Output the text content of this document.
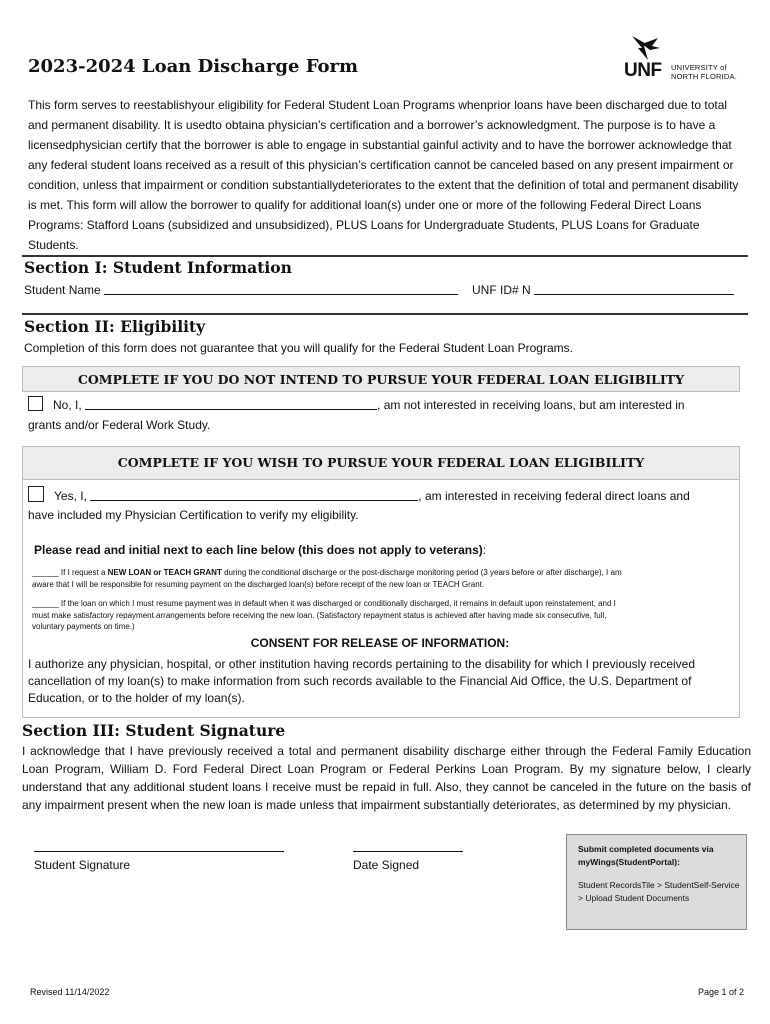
2023-2024 Loan Discharge Form	UNF UNIVERSITY of
NORTH FLORIDA.
This form serves to reestablishyour eligibility for Federal Student Loan Programs whenprior loans have been discharged due to total and permanent disability. It is usedto obtaina physician’s certification and a borrower’s acknowledgment. The purpose is to have a licensedphysician certify that the borrower is able to engage in substantial gainful activity and to have the borrower acknowledge that any federal student loans received as a result of this physician’s certification cannot be canceled based on any present impairment or condition, unless that impairment or condition substantiallydeteriorates to the extent that the definition of total and permanent disability is met. This form will allow the borrower to qualify for additional loan(s) under one or more of the following Federal Direct Loans Programs: Stafford Loans (subsidized and unsubsidized), PLUS Loans for Undergraduate Students, PLUS Loans for Graduate Students.
Section I: Student Information
Student Name	UNF ID# N
Section II: Eligibility
Completion of this form does not guarantee that you will qualify for the Federal Student Loan Programs.
COMPLETE IF YOU DO NOT INTEND TO PURSUE YOUR FEDERAL LOAN ELIGIBILITY
No, I,	, am not interested in receiving loans, but am interested in
grants and/or Federal Work Study.
COMPLETE IF YOU WISH TO PURSUE YOUR FEDERAL LOAN ELIGIBILITY
Yes, I,	, am interested in receiving federal direct loans and
have included my Physician Certification to verify my eligibility.
Please read and initial next to each line below (this does not apply to veterans):
______ If I request a NEW LOAN or TEACH GRANT during the conditional discharge or the post-discharge monitoring period (3 years before or after discharge), I am
aware that I will be responsible for resuming payment on the discharged loan(s) before receipt of the new loan or TEACH Grant.
______ If the loan on which I must resume payment was in default when it was discharged or conditionally discharged, it remains in default upon reinstatement, and I
must make satisfactory repayment arrangements before receiving the new loan. (Satisfactory repayment status is achieved after having made six consecutive, full,
voluntary payments on time.)
CONSENT FOR RELEASE OF INFORMATION:
I authorize any physician, hospital, or other institution having records pertaining to the disability for which I previously received cancellation of my loan(s) to make information from such records available to the Financial Aid Office, the U.S. Department of Education, or to the holder of my loan(s).
Section III: Student Signature
I acknowledge that I have previously received a total and permanent disability discharge either through the Federal Family Education Loan Program, William D. Ford Federal Direct Loan Program or Federal Perkins Loan Program. By my signature below, I clearly understand that any additional student loans I receive must be repaid in full. Also, they cannot be canceled in the future on the basis of any impairment present when the new loan is made unless that impairment substantially deteriorates, as determined by my physician.
Student Signature	Date Signed
Submit completed documents via myWings(StudentPortal):
Student RecordsTile > StudentSelf-Service > Upload Student Documents
Revised 11/14/2022	Page 1 of 2
